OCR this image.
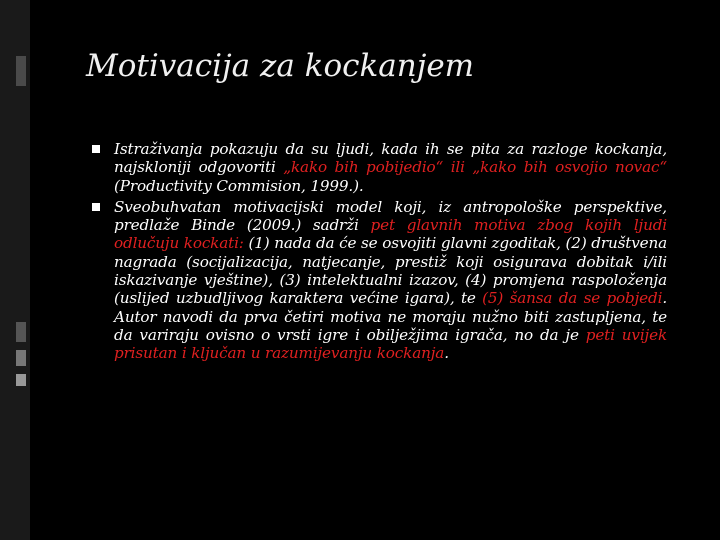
Motivacija za kockanjem
Istraživanja pokazuju da su ljudi, kada ih se pita za razloge kockanja, najskloniji odgovoriti „kako bih pobijedio“ ili „kako bih osvojio novac“ (Productivity Commision, 1999.).
Sveobuhvatan motivacijski model koji, iz antropološke perspektive, predlaže Binde (2009.) sadrži pet glavnih motiva zbog kojih ljudi odlučuju kockati: (1) nada da će se osvojiti glavni zgoditak, (2) društvena nagrada (socijalizacija, natjecanje, prestiž koji osigurava dobitak i/ili iskazivanje vještine), (3) intelektualni izazov, (4) promjena raspoloženja (uslijed uzbudljivog karaktera većine igara), te (5) šansa da se pobjedi. Autor navodi da prva četiri motiva ne moraju nužno biti zastupljena, te da variraju ovisno o vrsti igre i obilježjima igrača, no da je peti uvijek prisutan i ključan u razumijevanju kockanja.
